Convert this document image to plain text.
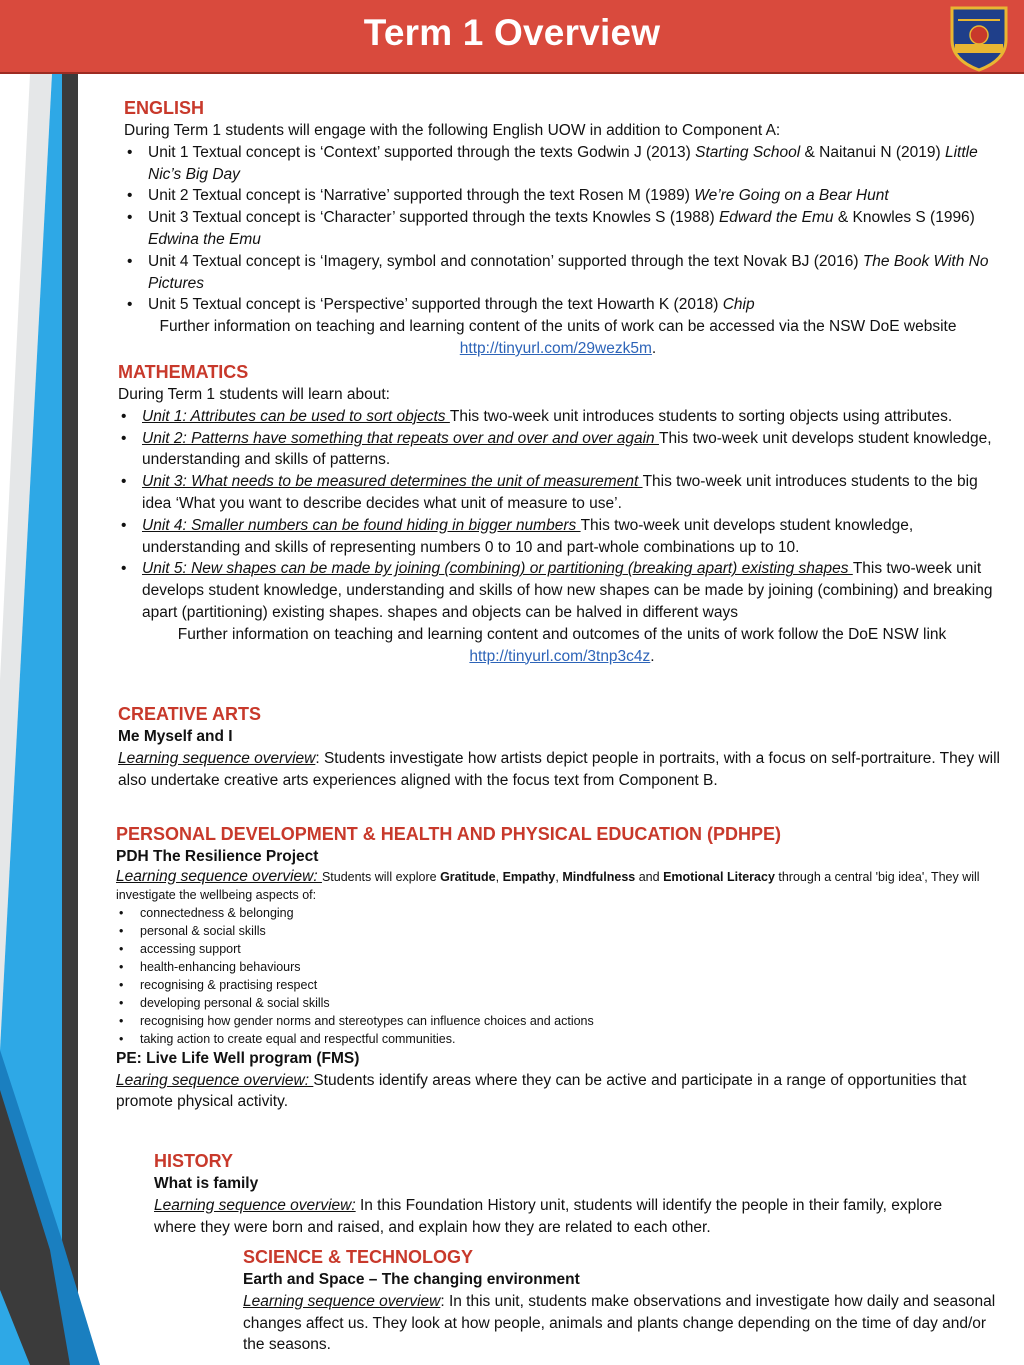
Term 1 Overview
ENGLISH

During Term 1 students will engage with the following English UOW in addition to Component A:

• Unit 1 Textual concept is ‘Context’ supported through the texts Godwin J (2013) Starting School & Naitanui N (2019) Little Nic’s Big Day
• Unit 2 Textual concept is ‘Narrative’ supported through the text Rosen M (1989) We’re Going on a Bear Hunt
• Unit 3 Textual concept is ‘Character’ supported through the texts Knowles S (1988) Edward the Emu & Knowles S (1996) Edwina the Emu
• Unit 4 Textual concept is ‘Imagery, symbol and connotation’ supported through the text Novak BJ (2016) The Book With No Pictures
• Unit 5 Textual concept is ‘Perspective’ supported through the text Howarth K (2018) Chip

Further information on teaching and learning content of the units of work can be accessed via the NSW DoE website
http://tinyurl.com/29wezk5m.

MATHEMATICS

During Term 1 students will learn about:

• Unit 1: Attributes can be used to sort objects This two-week unit introduces students to sorting objects using attributes.
• Unit 2: Patterns have something that repeats over and over and over again This two-week unit develops student knowledge, understanding and skills of patterns.
• Unit 3: What needs to be measured determines the unit of measurement This two-week unit introduces students to the big idea ‘What you want to describe decides what unit of measure to use’.
• Unit 4: Smaller numbers can be found hiding in bigger numbers This two-week unit develops student knowledge, understanding and skills of representing numbers 0 to 10 and part-whole combinations up to 10.
• Unit 5: New shapes can be made by joining (combining) or partitioning (breaking apart) existing shapes This two-week unit develops student knowledge, understanding and skills of how new shapes can be made by joining (combining) and breaking apart (partitioning) existing shapes. shapes and objects can be halved in different ways

Further information on teaching and learning content and outcomes of the units of work follow the DoE NSW link
http://tinyurl.com/3tnp3c4z.

CREATIVE ARTS

Me Myself and I

Learning sequence overview: Students investigate how artists depict people in portraits, with a focus on self-portraiture. They will also undertake creative arts experiences aligned with the focus text from Component B.

PERSONAL DEVELOPMENT & HEALTH AND PHYSICAL EDUCATION (PDHPE)

PDH The Resilience Project

Learning sequence overview: Students will explore Gratitude, Empathy, Mindfulness and Emotional Literacy through a central 'big idea', They will investigate the wellbeing aspects of:

• connectedness & belonging
• personal & social skills
• accessing support
• health-enhancing behaviours
• recognising & practising respect
• developing personal & social skills
• recognising how gender norms and stereotypes can influence choices and actions
• taking action to create equal and respectful communities.

PE: Live Life Well program (FMS)

Learing sequence overview: Students identify areas where they can be active and participate in a range of opportunities that promote physical activity.

HISTORY

What is family

Learning sequence overview: In this Foundation History unit, students will identify the people in their family, explore where they were born and raised, and explain how they are related to each other.

SCIENCE & TECHNOLOGY

Earth and Space – The changing environment

Learning sequence overview: In this unit, students make observations and investigate how daily and seasonal changes affect us. They look at how people, animals and plants change depending on the time of day and/or the seasons.
